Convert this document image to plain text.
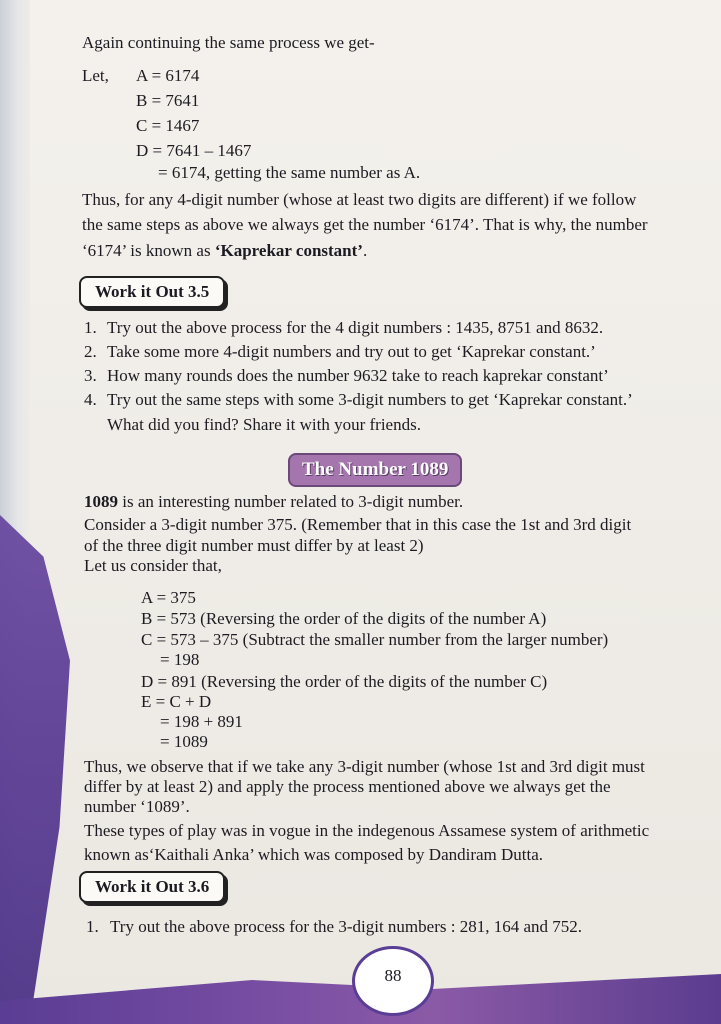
Again continuing the same process we get-
Let, A = 6174
B = 7641
C = 1467
D = 7641 – 1467
= 6174, getting the same number as A.
Thus, for any 4-digit number (whose at least two digits are different) if we follow
the same steps as above we always get the number ‘6174’. That is why, the number
‘6174’ is known as ‘Kaprekar constant’.
Work it Out 3.5
1. Try out the above process for the 4 digit numbers : 1435, 8751 and 8632.
2. Take some more 4-digit numbers and try out to get ‘Kaprekar constant.’
3. How many rounds does the number 9632 take to reach kaprekar constant’
4. Try out the same steps with some 3-digit numbers to get ‘Kaprekar constant.’
What did you find? Share it with your friends.
The Number 1089
1089 is an interesting number related to 3-digit number.
Consider a 3-digit number 375. (Remember that in this case the 1st and 3rd digit
of the three digit number must differ by at least 2)
Let us consider that,
A = 375
B = 573 (Reversing the order of the digits of the number A)
C = 573 – 375 (Subtract the smaller number from the larger number)
= 198
D = 891 (Reversing the order of the digits of the number C)
E = C + D
= 198 + 891
= 1089
Thus, we observe that if we take any 3-digit number (whose 1st and 3rd digit must
differ by at least 2) and apply the process mentioned above we always get the
number ‘1089’.
These types of play was in vogue in the indegenous Assamese system of arithmetic
known as‘Kaithali Anka’ which was composed by Dandiram Dutta.
Work it Out 3.6
1. Try out the above process for the 3-digit numbers : 281, 164 and 752.
88
